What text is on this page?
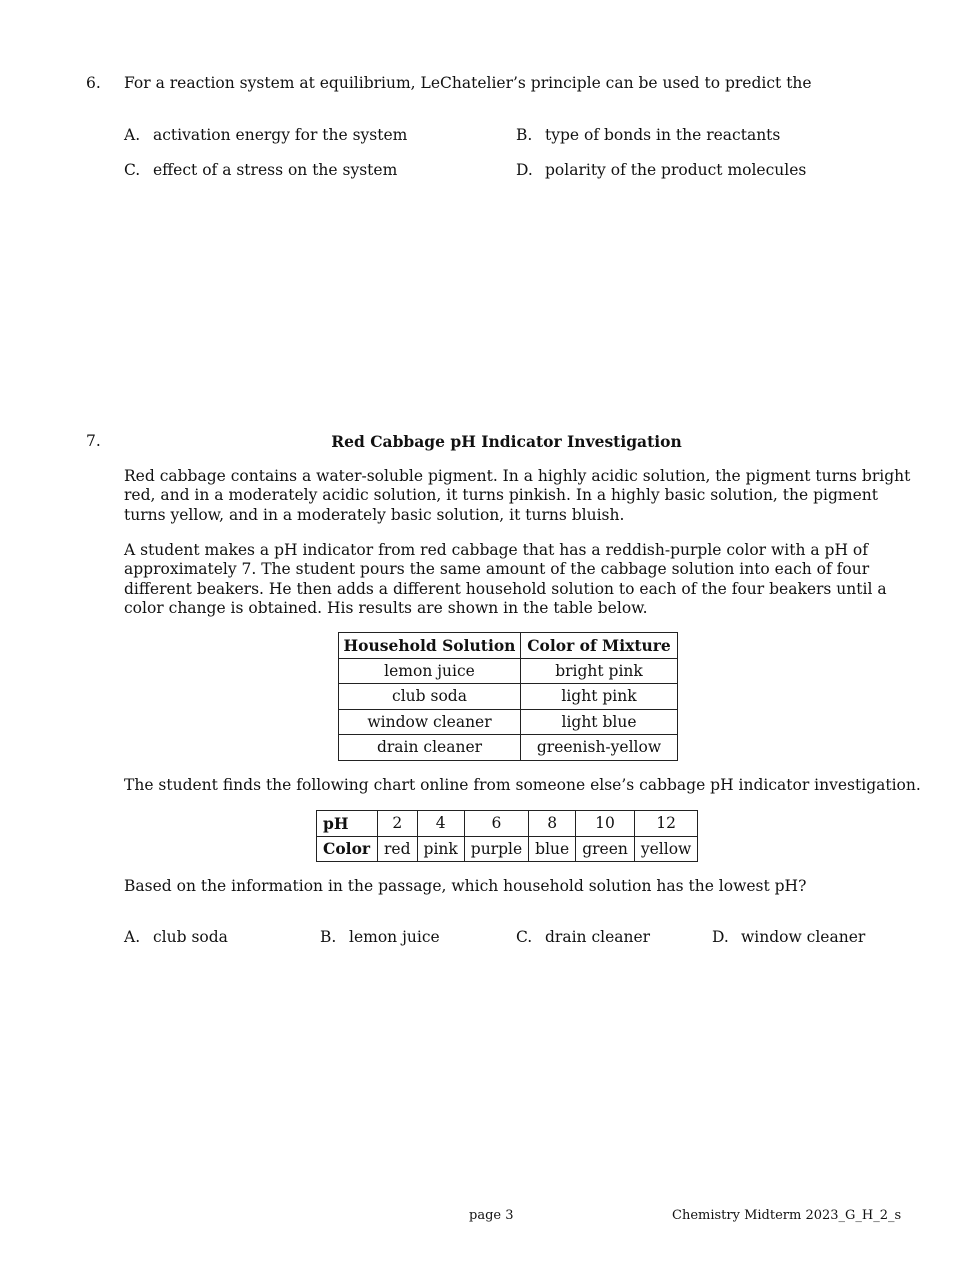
6. For a reaction system at equilibrium, LeChatelier’s principle can be used to predict the
A. activation energy for the system	B. type of bonds in the reactants
C. effect of a stress on the system	D. polarity of the product molecules
7.	Red Cabbage pH Indicator Investigation
Red cabbage contains a water-soluble pigment. In a highly acidic solution, the pigment turns bright
red, and in a moderately acidic solution, it turns pinkish. In a highly basic solution, the pigment
turns yellow, and in a moderately basic solution, it turns bluish.
A student makes a pH indicator from red cabbage that has a reddish-purple color with a pH of
approximately 7. The student pours the same amount of the cabbage solution into each of four
different beakers. He then adds a different household solution to each of the four beakers until a
color change is obtained. His results are shown in the table below.
Household Solution	Color of Mixture
lemon juice	bright pink
club soda	light pink
window cleaner	light blue
drain cleaner	greenish-yellow
The student finds the following chart online from someone else’s cabbage pH indicator investigation.
pH	2	4	6	8	10	12
Color	red	pink	purple	blue	green	yellow
Based on the information in the passage, which household solution has the lowest pH?
A. club soda	B. lemon juice	C. drain cleaner	D. window cleaner
page 3	Chemistry Midterm 2023_G_H_2_s
